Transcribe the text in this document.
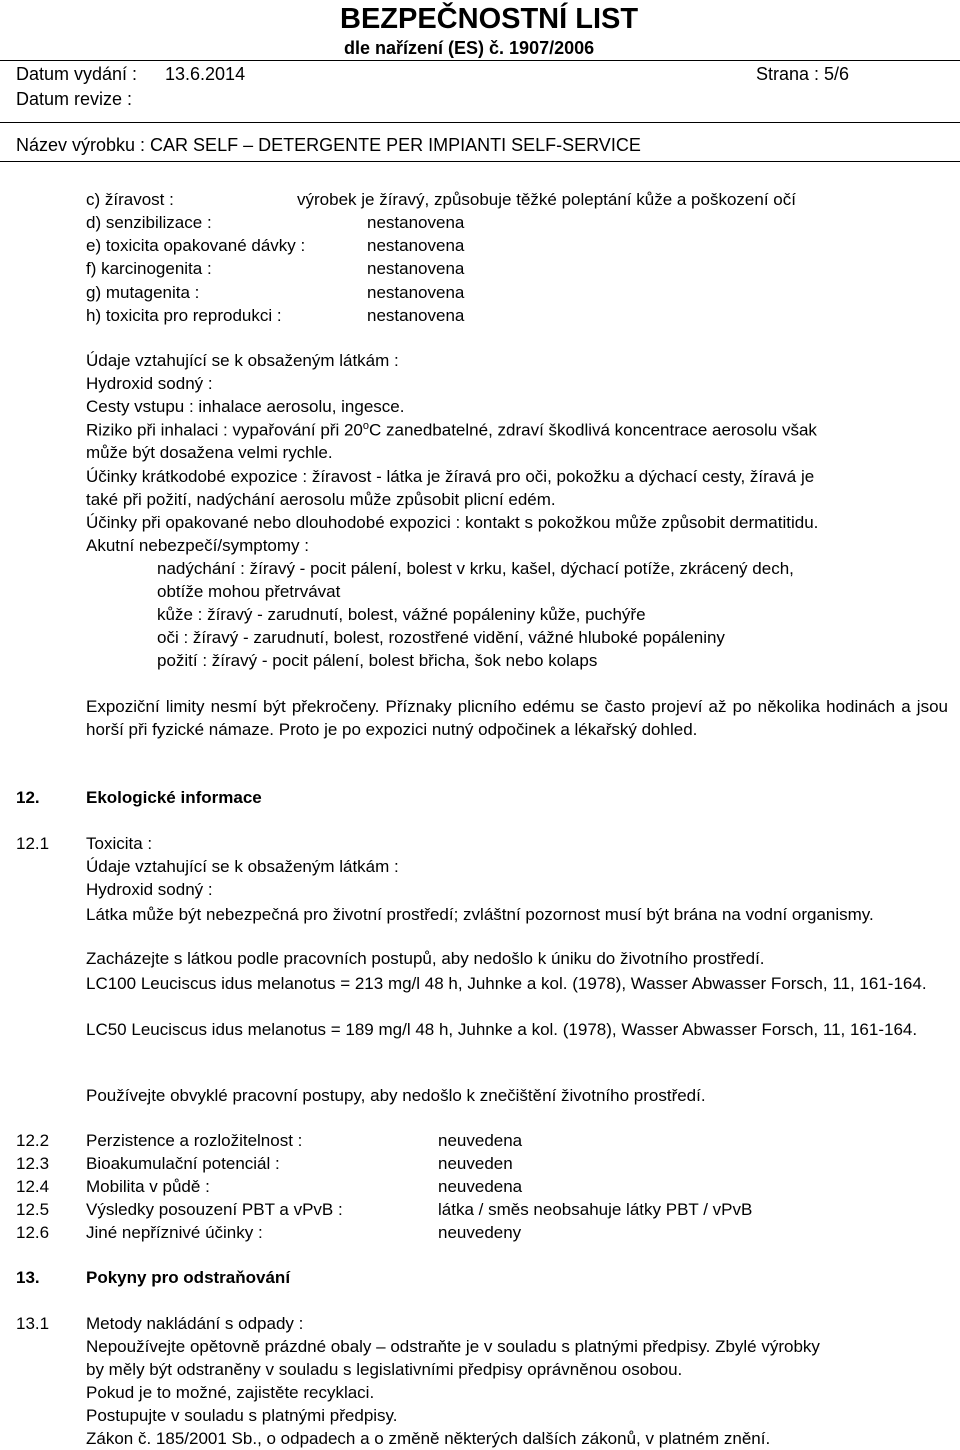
BEZPEČNOSTNÍ LIST
dle nařízení (ES) č. 1907/2006
Datum vydání : 13.6.2014	Strana : 5/6
Datum revize :
Název výrobku : CAR SELF – DETERGENTE PER IMPIANTI SELF-SERVICE
c) žíravost :	výrobek je žíravý, způsobuje těžké poleptání kůže a poškození očí
d) senzibilizace :	nestanovena
e) toxicita opakované dávky :	nestanovena
f) karcinogenita :	nestanovena
g) mutagenita :	nestanovena
h) toxicita pro reprodukci :	nestanovena
Údaje vztahující se k obsaženým látkám :
Hydroxid sodný :
Cesty vstupu : inhalace aerosolu, ingesce.
Riziko při inhalaci : vypařování při 20$^o$C zanedbatelné, zdraví škodlivá koncentrace aerosolu však
může být dosažena velmi rychle.
Účinky krátkodobé expozice : žíravost - látka je žíravá pro oči, pokožku a dýchací cesty, žíravá je
také při požití, nadýchání aerosolu může způsobit plicní edém.
Účinky při opakované nebo dlouhodobé expozici : kontakt s pokožkou může způsobit dermatitidu.
Akutní nebezpečí/symptomy :
nadýchání : žíravý - pocit pálení, bolest v krku, kašel, dýchací potíže, zkrácený dech,
obtíže mohou přetrvávat
kůže : žíravý - zarudnutí, bolest, vážné popáleniny kůže, puchýře
oči : žíravý - zarudnutí, bolest, rozostřené vidění, vážné hluboké popáleniny
požití : žíravý - pocit pálení, bolest břicha, šok nebo kolaps
Expoziční limity nesmí být překročeny. Příznaky plicního edému se často projeví až po několika hodinách a jsou horší při fyzické námaze. Proto je po expozici nutný odpočinek a lékařský dohled.
12.	Ekologické informace
12.1 Toxicita :
Údaje vztahující se k obsaženým látkám :
Hydroxid sodný :
Látka může být nebezpečná pro životní prostředí; zvláštní pozornost musí být brána na vodní organismy.
Zacházejte s látkou podle pracovních postupů, aby nedošlo k úniku do životního prostředí.
LC100 Leuciscus idus melanotus = 213 mg/l 48 h, Juhnke a kol. (1978), Wasser Abwasser Forsch, 11, 161-164.
LC50 Leuciscus idus melanotus = 189 mg/l 48 h, Juhnke a kol. (1978), Wasser Abwasser Forsch, 11, 161-164.
Používejte obvyklé pracovní postupy, aby nedošlo k znečištění životního prostředí.
12.2 Perzistence a rozložitelnost :	neuvedena
12.3 Bioakumulační potenciál :	neuveden
12.4 Mobilita v půdě :	neuvedena
12.5 Výsledky posouzení PBT a vPvB :	látka / směs neobsahuje látky PBT / vPvB
12.6 Jiné nepříznivé účinky :	neuvedeny
13.	Pokyny pro odstraňování
13.1 Metody nakládání s odpady :
Nepoužívejte opětovně prázdné obaly – odstraňte je v souladu s platnými předpisy. Zbylé výrobky
by měly být odstraněny v souladu s legislativními předpisy oprávněnou osobou.
Pokud je to možné, zajistěte recyklaci.
Postupujte v souladu s platnými předpisy.
Zákon č. 185/2001 Sb., o odpadech a o změně některých dalších zákonů, v platném znění.
